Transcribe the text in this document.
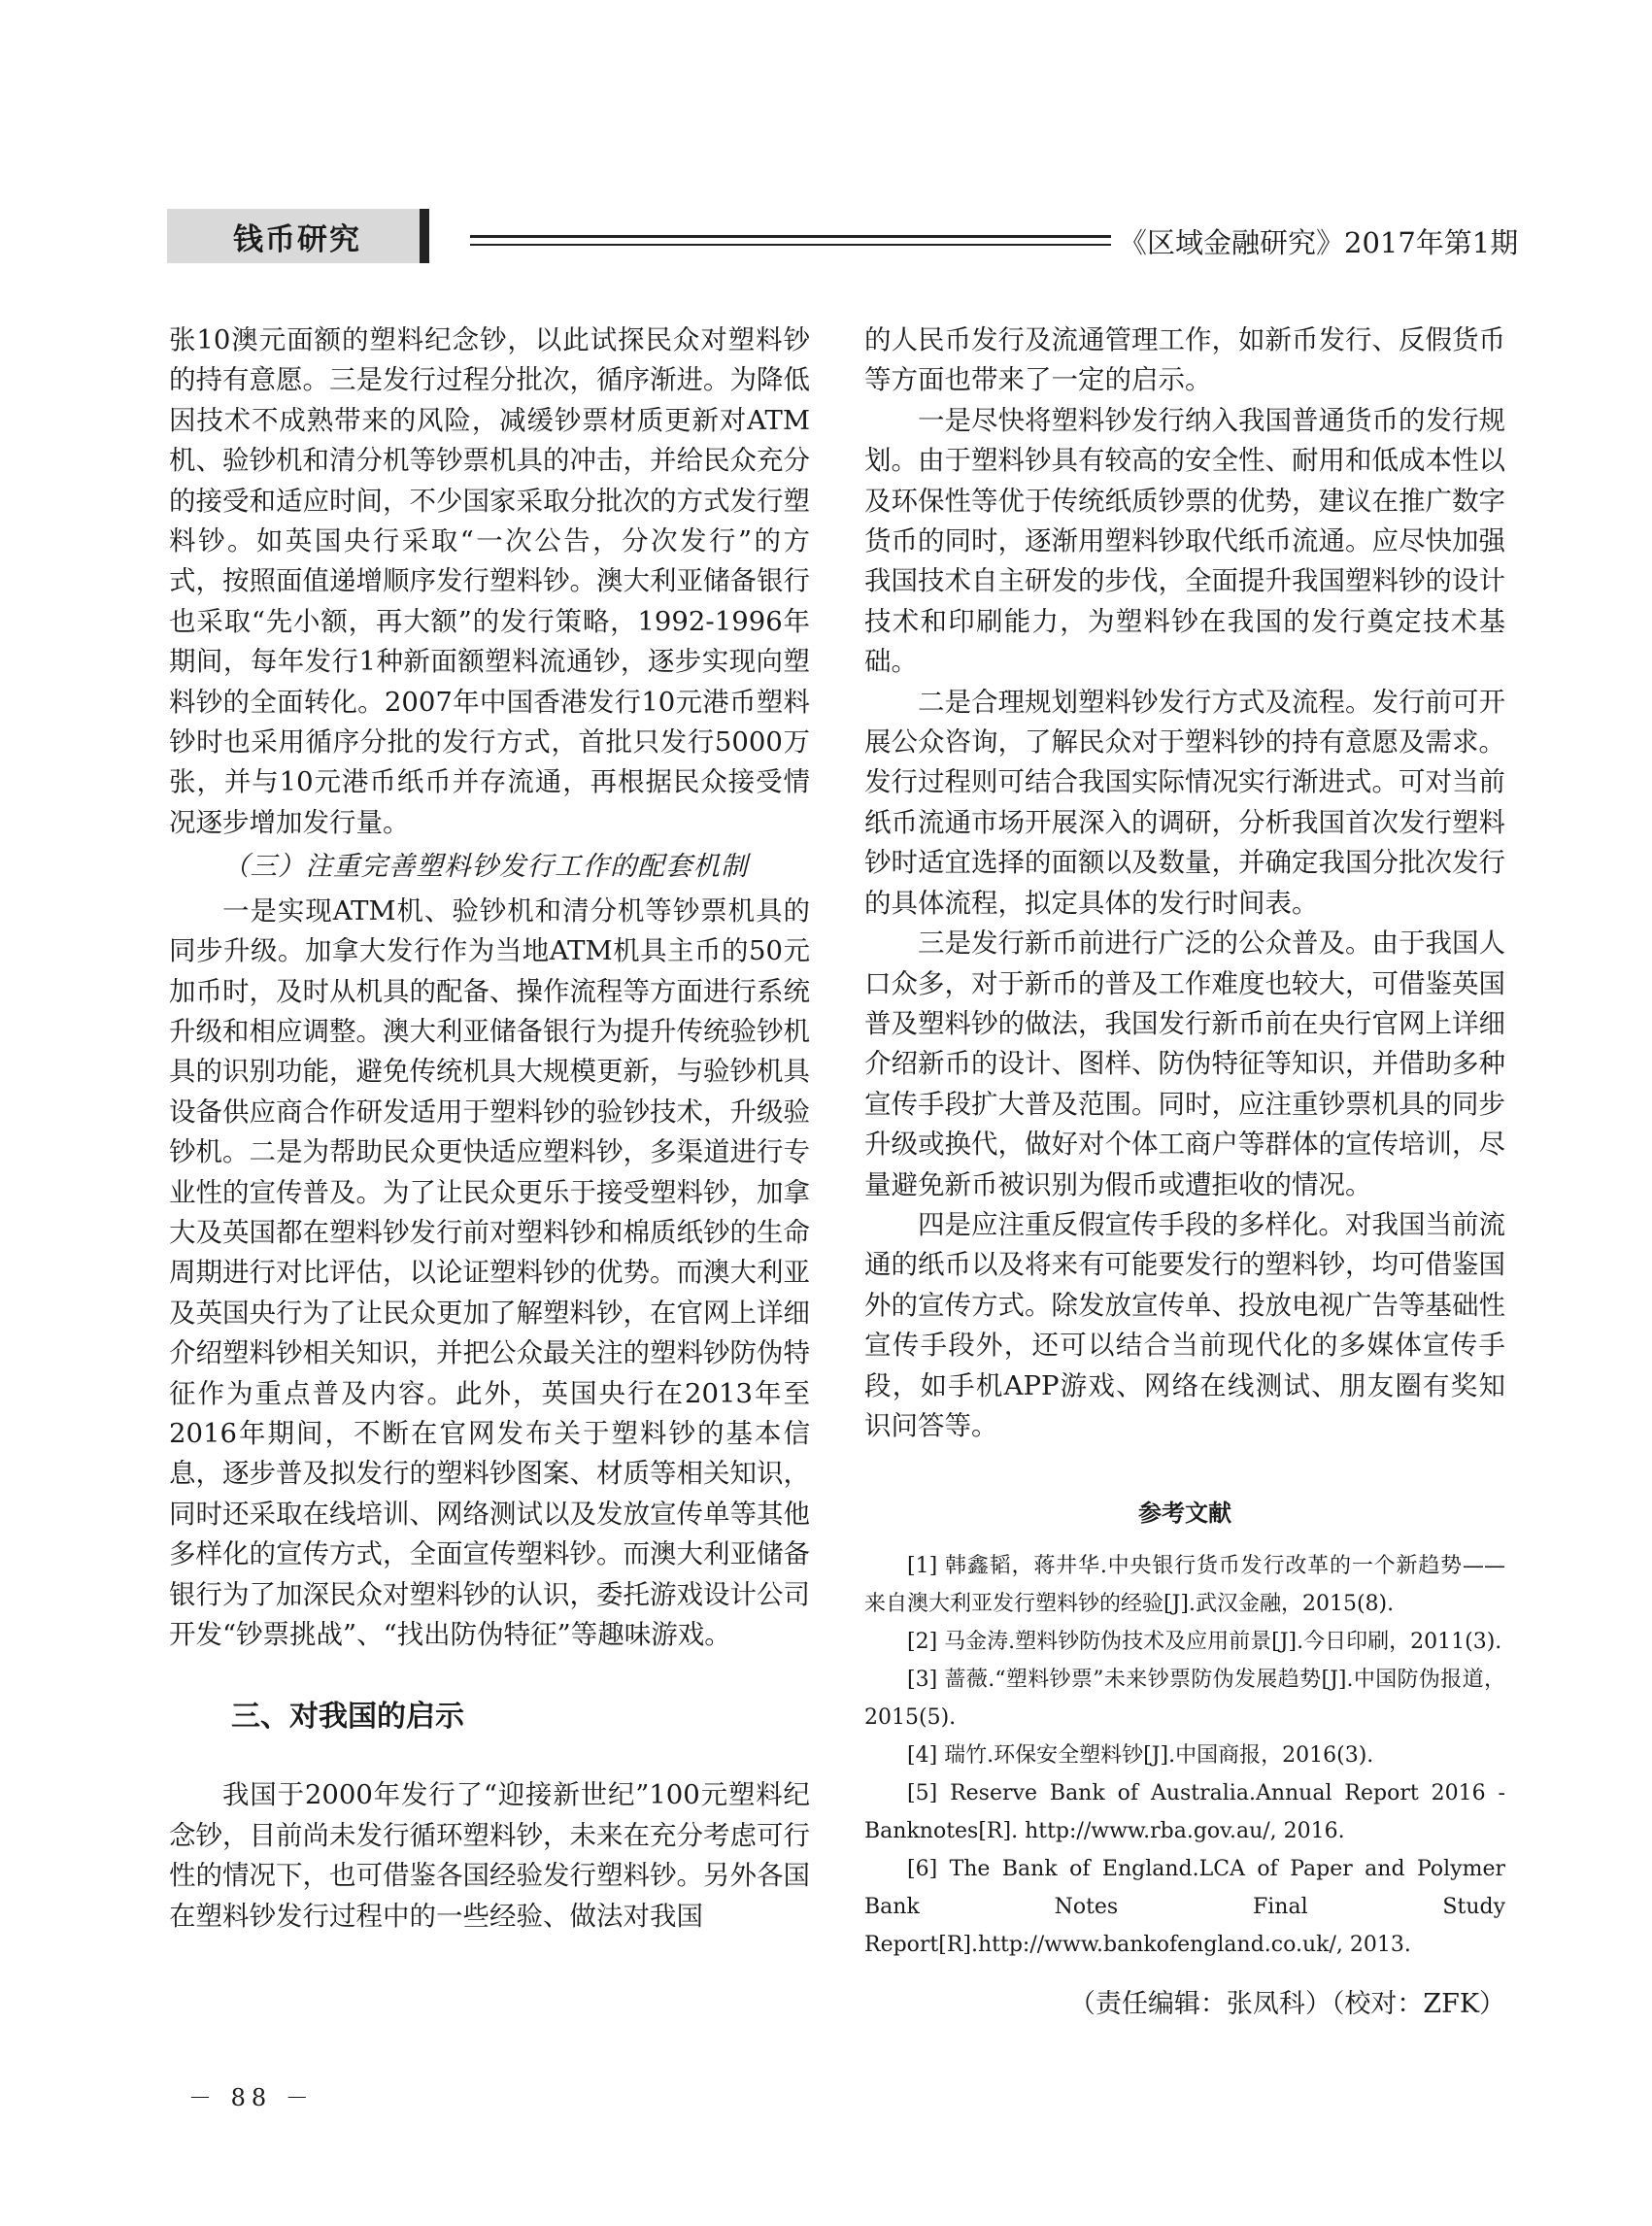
钱币研究	《区域金融研究》2017年第1期

张10澳元面额的塑料纪念钞，以此试探民众对塑料钞的持有意愿。三是发行过程分批次，循序渐进。为降低因技术不成熟带来的风险，减缓钞票材质更新对ATM机、验钞机和清分机等钞票机具的冲击，并给民众充分的接受和适应时间，不少国家采取分批次的方式发行塑料钞。如英国央行采取“一次公告，分次发行”的方式，按照面值递增顺序发行塑料钞。澳大利亚储备银行也采取“先小额，再大额”的发行策略，1992-1996年期间，每年发行1种新面额塑料流通钞，逐步实现向塑料钞的全面转化。2007年中国香港发行10元港币塑料钞时也采用循序分批的发行方式，首批只发行5000万张，并与10元港币纸币并存流通，再根据民众接受情况逐步增加发行量。

（三）注重完善塑料钞发行工作的配套机制

一是实现ATM机、验钞机和清分机等钞票机具的同步升级。加拿大发行作为当地ATM机具主币的50元加币时，及时从机具的配备、操作流程等方面进行系统升级和相应调整。澳大利亚储备银行为提升传统验钞机具的识别功能，避免传统机具大规模更新，与验钞机具设备供应商合作研发适用于塑料钞的验钞技术，升级验钞机。二是为帮助民众更快适应塑料钞，多渠道进行专业性的宣传普及。为了让民众更乐于接受塑料钞，加拿大及英国都在塑料钞发行前对塑料钞和棉质纸钞的生命周期进行对比评估，以论证塑料钞的优势。而澳大利亚及英国央行为了让民众更加了解塑料钞，在官网上详细介绍塑料钞相关知识，并把公众最关注的塑料钞防伪特征作为重点普及内容。此外，英国央行在2013年至2016年期间，不断在官网发布关于塑料钞的基本信息，逐步普及拟发行的塑料钞图案、材质等相关知识，同时还采取在线培训、网络测试以及发放宣传单等其他多样化的宣传方式，全面宣传塑料钞。而澳大利亚储备银行为了加深民众对塑料钞的认识，委托游戏设计公司开发“钞票挑战”、“找出防伪特征”等趣味游戏。

三、对我国的启示

我国于2000年发行了“迎接新世纪”100元塑料纪念钞，目前尚未发行循环塑料钞，未来在充分考虑可行性的情况下，也可借鉴各国经验发行塑料钞。另外各国在塑料钞发行过程中的一些经验、做法对我国

的人民币发行及流通管理工作，如新币发行、反假货币等方面也带来了一定的启示。

一是尽快将塑料钞发行纳入我国普通货币的发行规划。由于塑料钞具有较高的安全性、耐用和低成本性以及环保性等优于传统纸质钞票的优势，建议在推广数字货币的同时，逐渐用塑料钞取代纸币流通。应尽快加强我国技术自主研发的步伐，全面提升我国塑料钞的设计技术和印刷能力，为塑料钞在我国的发行奠定技术基础。

二是合理规划塑料钞发行方式及流程。发行前可开展公众咨询，了解民众对于塑料钞的持有意愿及需求。发行过程则可结合我国实际情况实行渐进式。可对当前纸币流通市场开展深入的调研，分析我国首次发行塑料钞时适宜选择的面额以及数量，并确定我国分批次发行的具体流程，拟定具体的发行时间表。

三是发行新币前进行广泛的公众普及。由于我国人口众多，对于新币的普及工作难度也较大，可借鉴英国普及塑料钞的做法，我国发行新币前在央行官网上详细介绍新币的设计、图样、防伪特征等知识，并借助多种宣传手段扩大普及范围。同时，应注重钞票机具的同步升级或换代，做好对个体工商户等群体的宣传培训，尽量避免新币被识别为假币或遭拒收的情况。

四是应注重反假宣传手段的多样化。对我国当前流通的纸币以及将来有可能要发行的塑料钞，均可借鉴国外的宣传方式。除发放宣传单、投放电视广告等基础性宣传手段外，还可以结合当前现代化的多媒体宣传手段，如手机APP游戏、网络在线测试、朋友圈有奖知识问答等。

参考文献

[1] 韩鑫韬，蒋井华.中央银行货币发行改革的一个新趋势——来自澳大利亚发行塑料钞的经验[J].武汉金融，2015(8).

[2] 马金涛.塑料钞防伪技术及应用前景[J].今日印刷，2011(3).

[3] 蔷薇.“塑料钞票”未来钞票防伪发展趋势[J].中国防伪报道，2015(5).

[4] 瑞竹.环保安全塑料钞[J].中国商报，2016(3).

[5] Reserve Bank of Australia.Annual Report 2016 - Banknotes[R]. http://www.rba.gov.au/, 2016.

[6] The Bank of England.LCA of Paper and Polymer Bank Notes Final Study Report[R].http://www.bankofengland.co.uk/, 2013.

（责任编辑：张凤科）（校对：ZFK）
－ 88 －
